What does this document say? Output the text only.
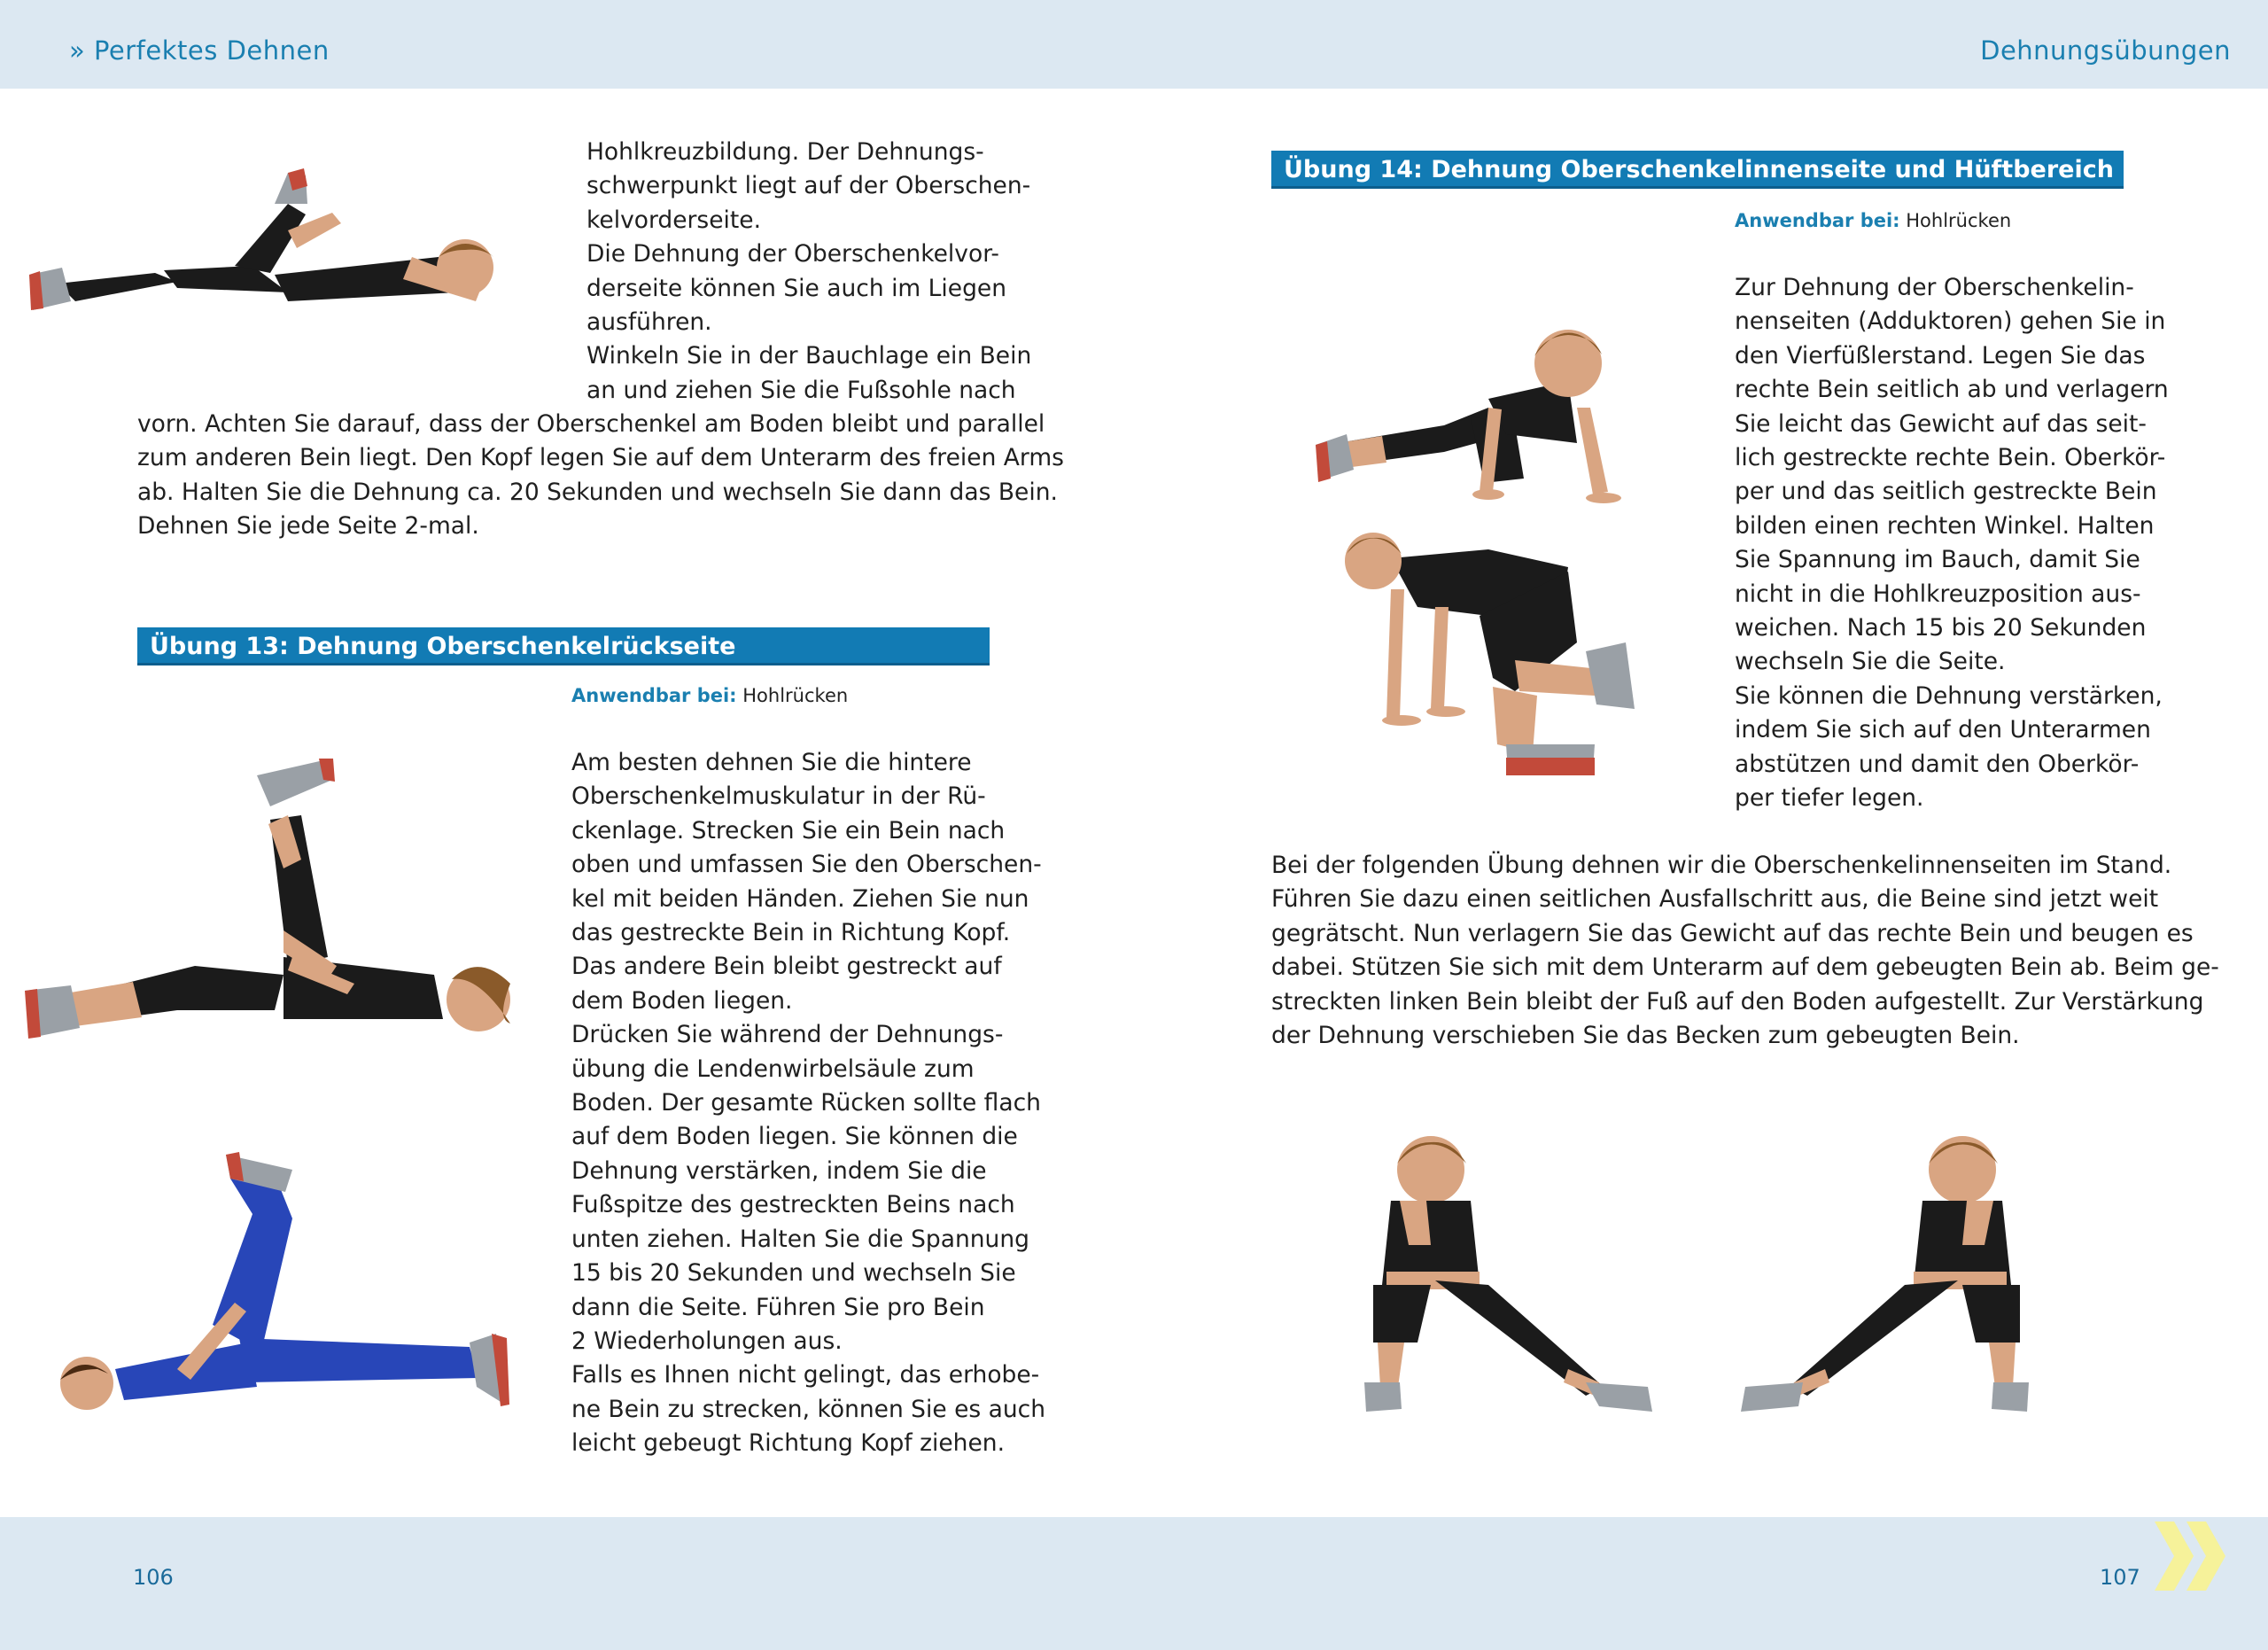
» Perfektes Dehnen	Dehnungsübungen
Hohlkreuzbildung. Der Dehnungs-
schwerpunkt liegt auf der Oberschen-
kelvorderseite.
Die Dehnung der Oberschenkelvor-
derseite können Sie auch im Liegen
ausführen.
Winkeln Sie in der Bauchlage ein Bein
an und ziehen Sie die Fußsohle nach
vorn. Achten Sie darauf, dass der Oberschenkel am Boden bleibt und parallel
zum anderen Bein liegt. Den Kopf legen Sie auf dem Unterarm des freien Arms
ab. Halten Sie die Dehnung ca. 20 Sekunden und wechseln Sie dann das Bein.
Dehnen Sie jede Seite 2-mal.
Übung 13: Dehnung Oberschenkelrückseite
Anwendbar bei: Hohlrücken
Am besten dehnen Sie die hintere
Oberschenkelmuskulatur in der Rü-
ckenlage. Strecken Sie ein Bein nach
oben und umfassen Sie den Oberschen-
kel mit beiden Händen. Ziehen Sie nun
das gestreckte Bein in Richtung Kopf.
Das andere Bein bleibt gestreckt auf
dem Boden liegen.
Drücken Sie während der Dehnungs-
übung die Lendenwirbelsäule zum
Boden. Der gesamte Rücken sollte flach
auf dem Boden liegen. Sie können die
Dehnung verstärken, indem Sie die
Fußspitze des gestreckten Beins nach
unten ziehen. Halten Sie die Spannung
15 bis 20 Sekunden und wechseln Sie
dann die Seite. Führen Sie pro Bein
2 Wiederholungen aus.
Falls es Ihnen nicht gelingt, das erhobe-
ne Bein zu strecken, können Sie es auch
leicht gebeugt Richtung Kopf ziehen.
Übung 14: Dehnung Oberschenkelinnenseite und Hüftbereich
Anwendbar bei: Hohlrücken
Zur Dehnung der Oberschenkelin-
nenseiten (Adduktoren) gehen Sie in
den Vierfüßlerstand. Legen Sie das
rechte Bein seitlich ab und verlagern
Sie leicht das Gewicht auf das seit-
lich gestreckte rechte Bein. Oberkör-
per und das seitlich gestreckte Bein
bilden einen rechten Winkel. Halten
Sie Spannung im Bauch, damit Sie
nicht in die Hohlkreuzposition aus-
weichen. Nach 15 bis 20 Sekunden
wechseln Sie die Seite.
Sie können die Dehnung verstärken,
indem Sie sich auf den Unterarmen
abstützen und damit den Oberkör-
per tiefer legen.
Bei der folgenden Übung dehnen wir die Oberschenkelinnenseiten im Stand.
Führen Sie dazu einen seitlichen Ausfallschritt aus, die Beine sind jetzt weit
gegrätscht. Nun verlagern Sie das Gewicht auf das rechte Bein und beugen es
dabei. Stützen Sie sich mit dem Unterarm auf dem gebeugten Bein ab. Beim ge-
streckten linken Bein bleibt der Fuß auf den Boden aufgestellt. Zur Verstärkung
der Dehnung verschieben Sie das Becken zum gebeugten Bein.
106	107
